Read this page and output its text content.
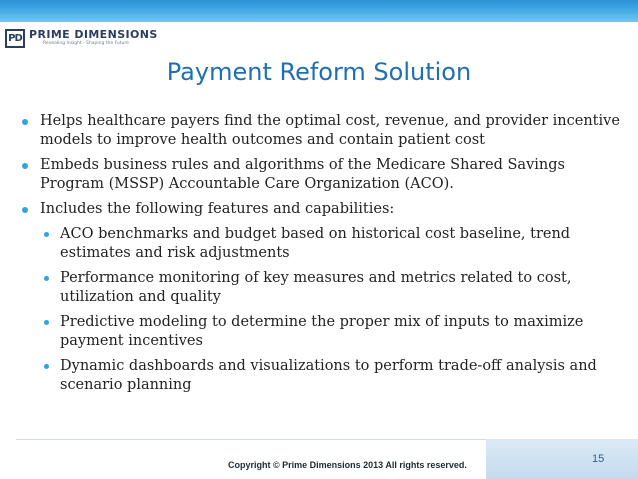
PD PRIME DIMENSIONS
Revealing Insight · Shaping the Future
Payment Reform Solution
Helps healthcare payers find the optimal cost, revenue, and provider incentive models to improve health outcomes and contain patient cost
Embeds business rules and algorithms of the Medicare Shared Savings Program (MSSP) Accountable Care Organization (ACO).
Includes the following features and capabilities:
ACO benchmarks and budget based on historical cost baseline, trend estimates and risk adjustments
Performance monitoring of key measures and metrics related to cost, utilization and quality
Predictive modeling to determine the proper mix of inputs to maximize payment incentives
Dynamic dashboards and visualizations to perform trade-off analysis and scenario planning
Copyright © Prime Dimensions 2013 All rights reserved.	15
